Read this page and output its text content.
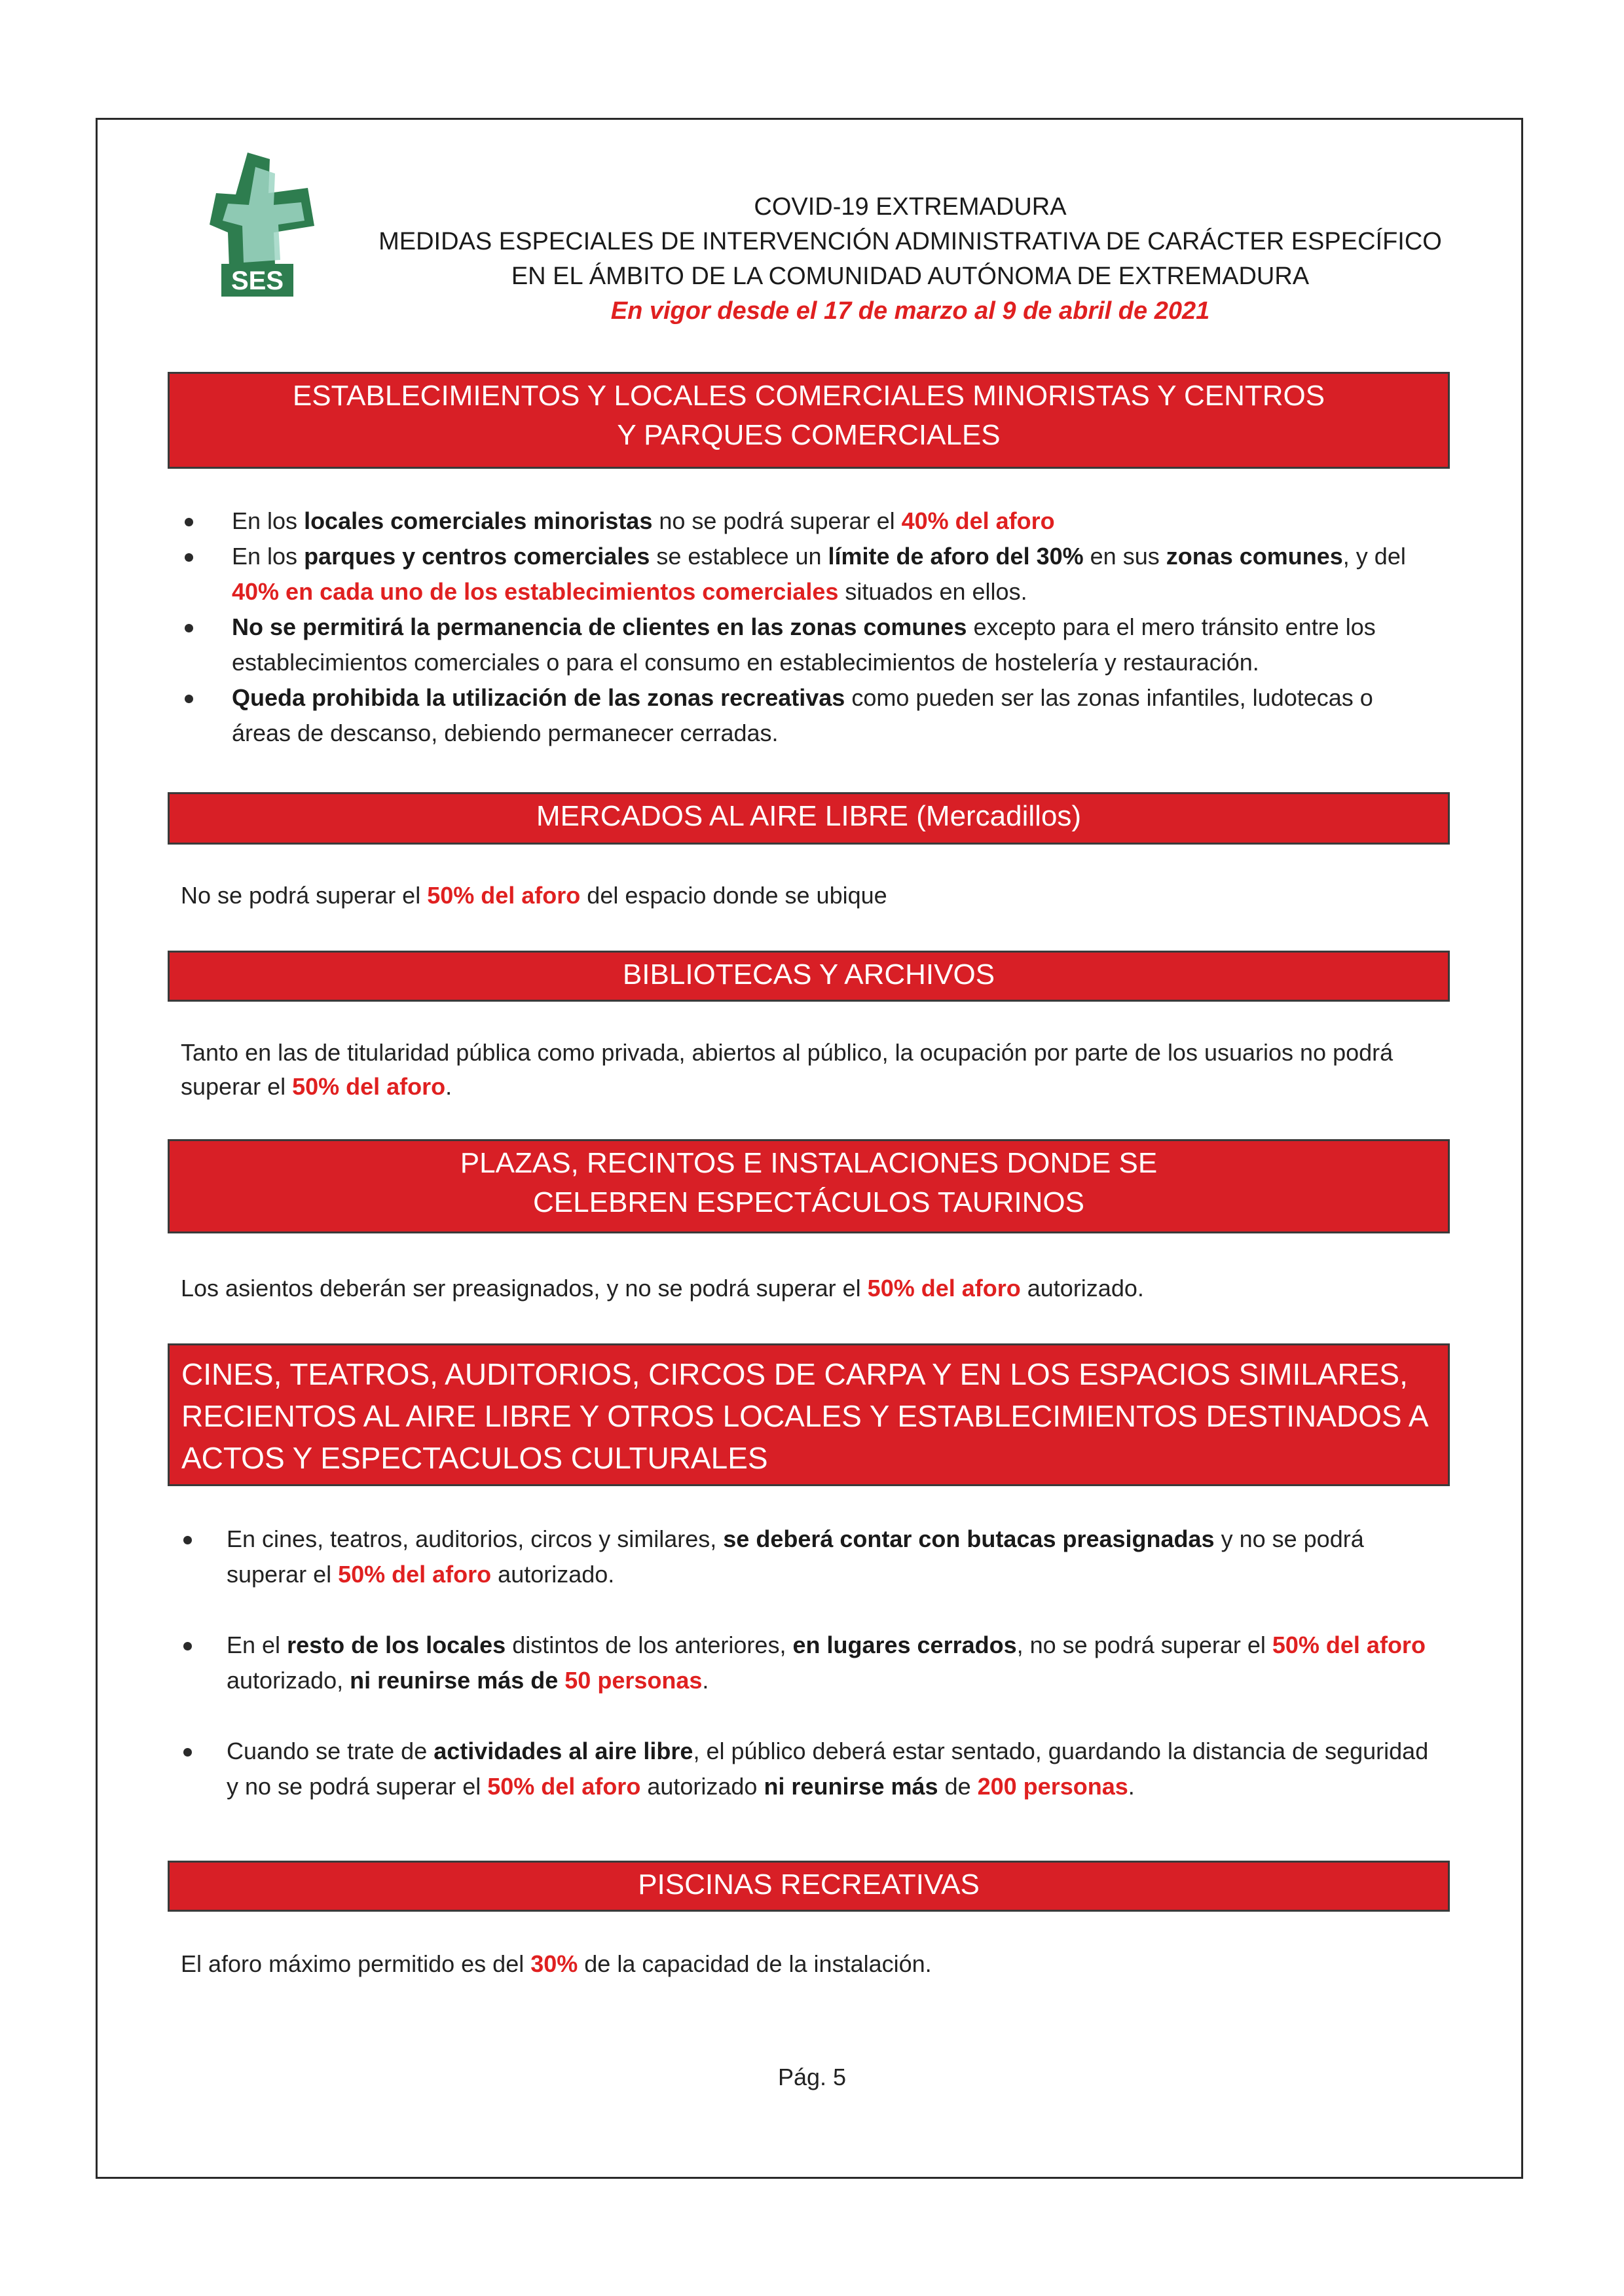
SES
COVID-19 EXTREMADURA
MEDIDAS ESPECIALES DE INTERVENCIÓN ADMINISTRATIVA DE CARÁCTER ESPECÍFICO
EN EL ÁMBITO DE LA COMUNIDAD AUTÓNOMA DE EXTREMADURA
En vigor desde el 17 de marzo al 9 de abril de 2021
ESTABLECIMIENTOS Y LOCALES COMERCIALES MINORISTAS Y CENTROS
Y PARQUES COMERCIALES
En los locales comerciales minoristas no se podrá superar el 40% del aforo
En los parques y centros comerciales se establece un límite de aforo del 30% en sus zonas comunes, y del 40% en cada uno de los establecimientos comerciales situados en ellos.
No se permitirá la permanencia de clientes en las zonas comunes excepto para el mero tránsito entre los establecimientos comerciales o para el consumo en establecimientos de hostelería y restauración.
Queda prohibida la utilización de las zonas recreativas como pueden ser las zonas infantiles, ludotecas o áreas de descanso, debiendo permanecer cerradas.
MERCADOS AL AIRE LIBRE (Mercadillos)

No se podrá superar el 50% del aforo del espacio donde se ubique

BIBLIOTECAS Y ARCHIVOS

Tanto en las de titularidad pública como privada, abiertos al público, la ocupación por parte de los usuarios no podrá superar el 50% del aforo.

PLAZAS, RECINTOS E INSTALACIONES DONDE SE
CELEBREN ESPECTÁCULOS TAURINOS

Los asientos deberán ser preasignados, y no se podrá superar el 50% del aforo autorizado.

CINES, TEATROS, AUDITORIOS, CIRCOS DE CARPA Y EN LOS ESPACIOS SIMILARES,
RECIENTOS AL AIRE LIBRE Y OTROS LOCALES Y ESTABLECIMIENTOS DESTINADOS A
ACTOS Y ESPECTACULOS CULTURALES
En cines, teatros, auditorios, circos y similares, se deberá contar con butacas preasignadas y no se podrá superar el 50% del aforo autorizado.
En el resto de los locales distintos de los anteriores, en lugares cerrados, no se podrá superar el 50% del aforo autorizado, ni reunirse más de 50 personas.
Cuando se trate de actividades al aire libre, el público deberá estar sentado, guardando la distancia de seguridad y no se podrá superar el 50% del aforo autorizado ni reunirse más de 200 personas.
PISCINAS RECREATIVAS

El aforo máximo permitido es del 30% de la capacidad de la instalación.

Pág. 5
